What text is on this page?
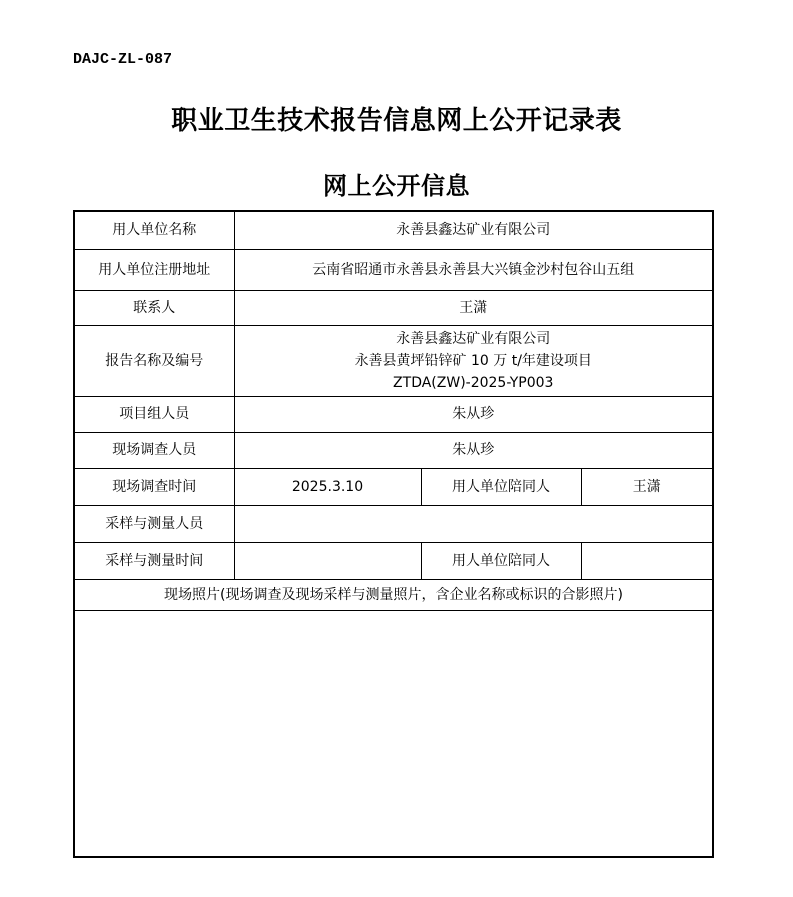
DAJC-ZL-087
职业卫生技术报告信息网上公开记录表
网上公开信息
用人单位名称	永善县鑫达矿业有限公司		
用人单位注册地址	云南省昭通市永善县永善县大兴镇金沙村包谷山五组		
联系人	王潇		
报告名称及编号	永善县鑫达矿业有限公司
永善县黄坪铅锌矿 10 万 t/年建设项目
ZTDA(ZW)-2025-YP003		

项目组人员	朱从珍		
现场调查人员	朱从珍		
现场调查时间	2025.3.10	用人单位陪同人	王潇
采样与测量人员			
采样与测量时间		用人单位陪同人	
现场照片(现场调查及现场采样与测量照片，含企业名称或标识的合影照片)			
